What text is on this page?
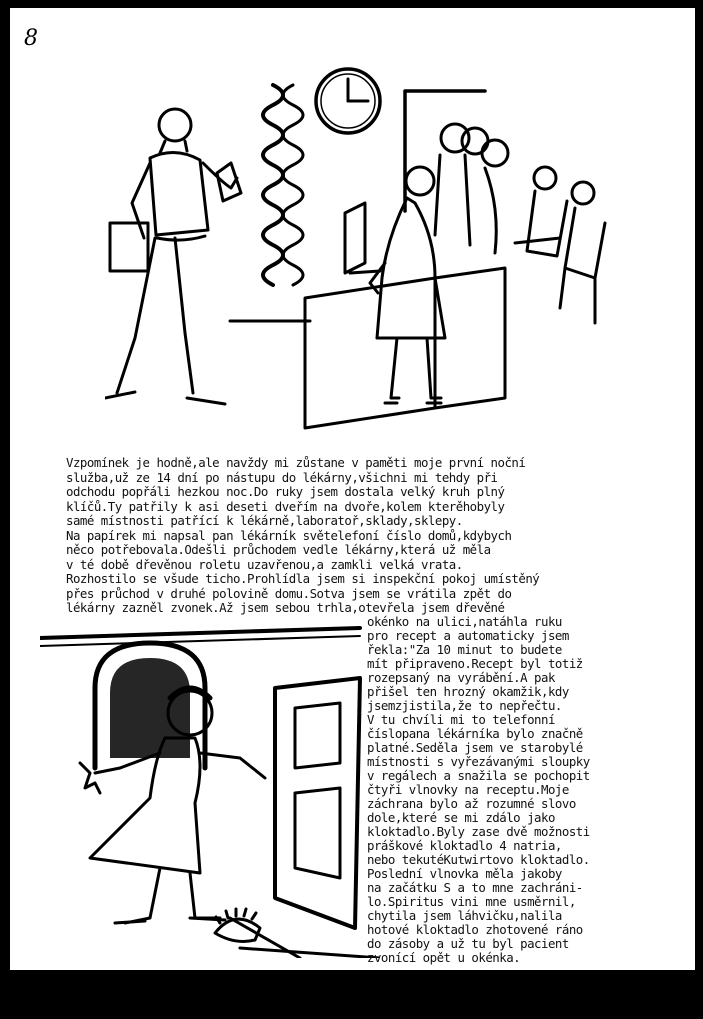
8

Vzpomínek je hodně,ale navždy mi zůstane v paměti moje první noční

služba,už ze 14 dní po nástupu do lékárny,všichni mi tehdy při

odchodu popřáli hezkou noc.Do ruky jsem dostala velký kruh plný

klíčů.Ty patřily k asi deseti dveřím na dvoře,kolem kterěhobyly

samé místnosti patřící k lékárně,laboratoř,sklady,sklepy.

Na papírek mi napsal pan lékárník světelefoní číslo domů,kdybych

něco potřebovala.Odešli průchodem vedle lékárny,která už měla

v té době dřevěnou roletu uzavřenou,a zamkli velká vrata.

Rozhostilo se všude ticho.Prohlídla jsem si inspekční pokoj umístěný

přes průchod v druhé polovině domu.Sotva jsem se vrátila zpět do

lékárny zazněl zvonek.Až jsem sebou trhla,otevřela jsem dřevěné

okénko na ulici,natáhla ruku

pro recept a automaticky jsem

řekla:"Za 10 minut to budete

mít připraveno.Recept byl totiž

rozepsaný na vyrábění.A pak

přišel ten hrozný okamžik,kdy

jsemzjistila,že to nepřečtu.

V tu chvíli mi to telefonní

číslopana lékárníka bylo značně

platné.Seděla jsem ve starobylé

místnosti s vyřezávanými sloupky

v regálech a snažila se pochopit

čtyři vlnovky na receptu.Moje

záchrana bylo až rozumné slovo

dole,které se mi zdálo jako

kloktadlo.Byly zase dvě možnosti

práškové kloktadlo 4 natria,

nebo tekutéKutwirtovo kloktadlo.

Poslední vlnovka měla jakoby

na začátku S a to mne zachráni-

lo.Spiritus vini mne usměrnil,

chytila jsem láhvičku,nalila

hotové kloktadlo zhotovené ráno

do zásoby a už tu byl pacient

zvonící opět u okénka.
